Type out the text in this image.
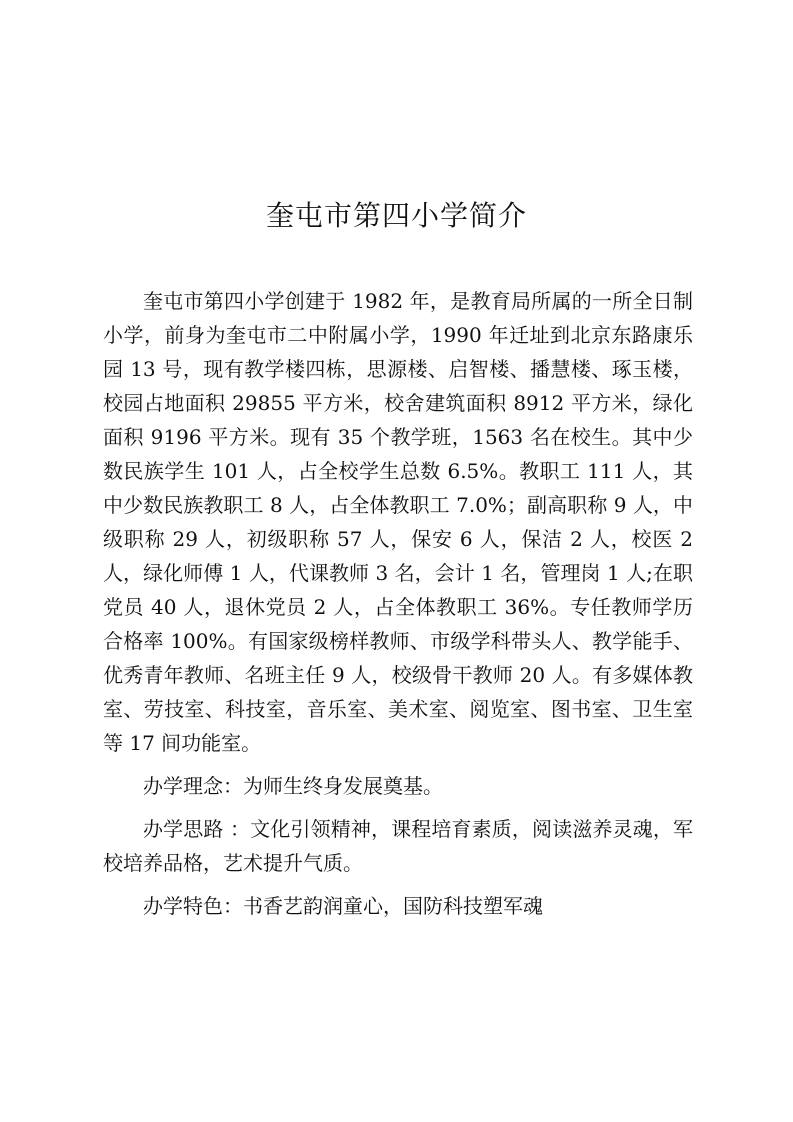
奎屯市第四小学简介

奎屯市第四小学创建于 1982 年，是教育局所属的一所全日制小学，前身为奎屯市二中附属小学，1990 年迁址到北京东路康乐园 13 号，现有教学楼四栋，思源楼、启智楼、播慧楼、琢玉楼，校园占地面积 29855 平方米，校舍建筑面积 8912 平方米，绿化面积 9196 平方米。现有 35 个教学班，1563 名在校生。其中少数民族学生 101 人，占全校学生总数 6.5%。教职工 111 人，其中少数民族教职工 8 人，占全体教职工 7.0%；副高职称 9 人，中级职称 29 人，初级职称 57 人，保安 6 人，保洁 2 人，校医 2 人，绿化师傅 1 人，代课教师 3 名，会计 1 名，管理岗 1 人;在职党员 40 人，退休党员 2 人，占全体教职工 36%。专任教师学历合格率 100%。有国家级榜样教师、市级学科带头人、教学能手、优秀青年教师、名班主任 9 人，校级骨干教师 20 人。有多媒体教室、劳技室、科技室，音乐室、美术室、阅览室、图书室、卫生室等 17 间功能室。

办学理念：为师生终身发展奠基。

办学思路 ：文化引领精神，课程培育素质，阅读滋养灵魂，军校培养品格，艺术提升气质。

办学特色：书香艺韵润童心，国防科技塑军魂
